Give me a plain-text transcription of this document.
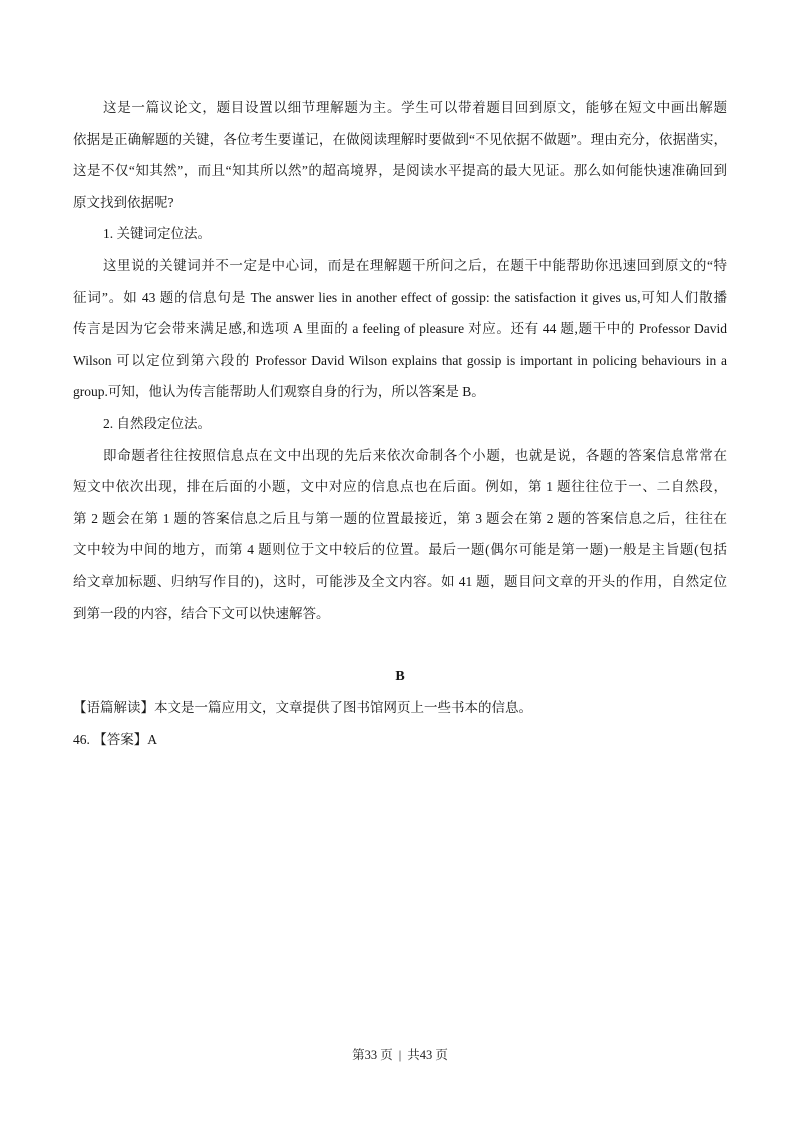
这是一篇议论文，题目设置以细节理解题为主。学生可以带着题目回到原文，能够在短文中画出解题
依据是正确解题的关键，各位考生要谨记，在做阅读理解时要做到“不见依据不做题”。理由充分，依据凿实，
这是不仅“知其然”，而且“知其所以然”的超高境界，是阅读水平提高的最大见证。那么如何能快速准确回到
原文找到依据呢?
1. 关键词定位法。
这里说的关键词并不一定是中心词，而是在理解题干所问之后，在题干中能帮助你迅速回到原文的“特
征词”。如 43 题的信息句是 The answer lies in another effect of gossip: the satisfaction it gives us,可知人们散播
传言是因为它会带来满足感,和选项 A 里面的 a feeling of pleasure 对应。还有 44 题,题干中的 Professor David
Wilson 可以定位到第六段的 Professor David Wilson explains that gossip is important in policing behaviours in a
group.可知，他认为传言能帮助人们观察自身的行为，所以答案是 B。
2. 自然段定位法。
即命题者往往按照信息点在文中出现的先后来依次命制各个小题，也就是说，各题的答案信息常常在
短文中依次出现，排在后面的小题，文中对应的信息点也在后面。例如，第 1 题往往位于一、二自然段，
第 2 题会在第 1 题的答案信息之后且与第一题的位置最接近，第 3 题会在第 2 题的答案信息之后，往往在
文中较为中间的地方，而第 4 题则位于文中较后的位置。最后一题(偶尔可能是第一题)一般是主旨题(包括
给文章加标题、归纳写作目的)，这时，可能涉及全文内容。如 41 题，题目问文章的开头的作用，自然定位
到第一段的内容，结合下文可以快速解答。
B
【语篇解读】本文是一篇应用文，文章提供了图书馆网页上一些书本的信息。
46. 【答案】A
第33 页 | 共43 页
